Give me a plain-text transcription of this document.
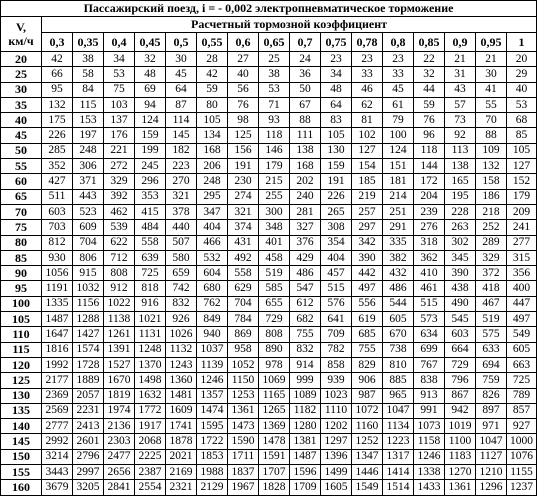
Пассажирский поезд, i = - 0,002 электропневматическое торможение																
V,
км/ч	Расчетный тормозной коэффициент															
	0,3	0,35	0,4	0,45	0,5	0,55	0,6	0,65	0,7	0,75	0,78	0,8	0,85	0,9	0,95	1
20	42	38	34	32	30	28	27	25	24	23	23	23	22	21	21	20
25	66	58	53	48	45	42	40	38	36	34	33	33	32	31	30	29
30	95	84	75	69	64	59	56	53	50	48	46	45	44	43	41	40
35	132	115	103	94	87	80	76	71	67	64	62	61	59	57	55	53
40	175	153	137	124	114	105	98	93	88	83	81	79	76	73	70	68
45	226	197	176	159	145	134	125	118	111	105	102	100	96	92	88	85
50	285	248	221	199	182	168	156	146	138	130	127	124	118	113	109	105
55	352	306	272	245	223	206	191	179	168	159	154	151	144	138	132	127
60	427	371	329	296	270	248	230	215	202	191	185	181	172	165	158	152
65	511	443	392	353	321	295	274	255	240	226	219	214	204	195	186	179
70	603	523	462	415	378	347	321	300	281	265	257	251	239	228	218	209
75	703	609	539	484	440	404	374	348	327	308	297	291	276	263	252	241
80	812	704	622	558	507	466	431	401	376	354	342	335	318	302	289	277
85	930	806	712	639	580	532	492	458	429	404	390	382	362	345	329	315
90	1056	915	808	725	659	604	558	519	486	457	442	432	410	390	372	356
95	1191	1032	912	818	742	680	629	585	547	515	497	486	461	438	418	400
100	1335	1156	1022	916	832	762	704	655	612	576	556	544	515	490	467	447
105	1487	1288	1138	1021	926	849	784	729	682	641	619	605	573	545	519	497
110	1647	1427	1261	1131	1026	940	869	808	755	709	685	670	634	603	575	549
115	1816	1574	1391	1248	1132	1037	958	890	832	782	755	738	699	664	633	605
120	1992	1728	1527	1370	1243	1139	1052	978	914	858	829	810	767	729	694	663
125	2177	1889	1670	1498	1360	1246	1150	1069	999	939	906	885	838	796	759	725
130	2369	2057	1819	1632	1481	1357	1253	1165	1089	1023	987	965	913	867	826	789
135	2569	2231	1974	1772	1609	1474	1361	1265	1182	1110	1072	1047	991	942	897	857
140	2777	2413	2136	1917	1741	1595	1473	1369	1280	1202	1160	1134	1073	1019	971	927
145	2992	2601	2303	2068	1878	1722	1590	1478	1381	1297	1252	1223	1158	1100	1047	1000
150	3214	2796	2477	2225	2021	1853	1711	1591	1487	1396	1347	1317	1246	1183	1127	1076
155	3443	2997	2656	2387	2169	1988	1837	1707	1596	1499	1446	1414	1338	1270	1210	1155
160	3679	3205	2841	2554	2321	2129	1967	1828	1709	1605	1549	1514	1433	1361	1296	1237
